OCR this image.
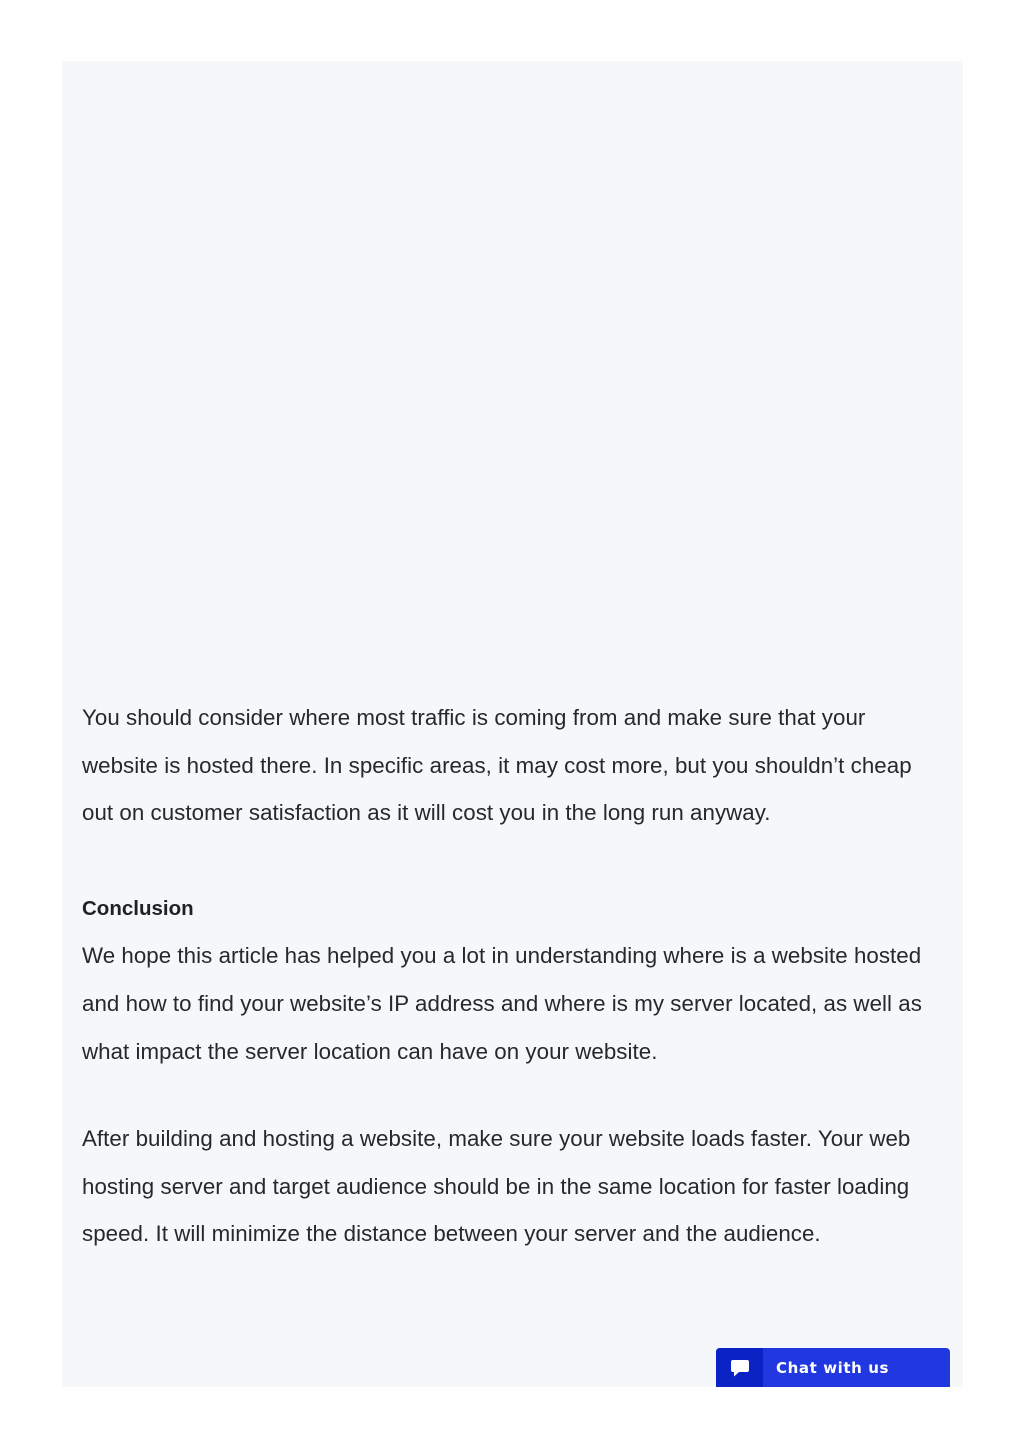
You should consider where most traffic is coming from and make sure that your website is hosted there. In specific areas, it may cost more, but you shouldn’t cheap out on customer satisfaction as it will cost you in the long run anyway.

Conclusion

We hope this article has helped you a lot in understanding where is a website hosted and how to find your website’s IP address and where is my server located, as well as what impact the server location can have on your website.

After building and hosting a website, make sure your website loads faster. Your web hosting server and target audience should be in the same location for faster loading speed. It will minimize the distance between your server and the audience.

Chat with us
